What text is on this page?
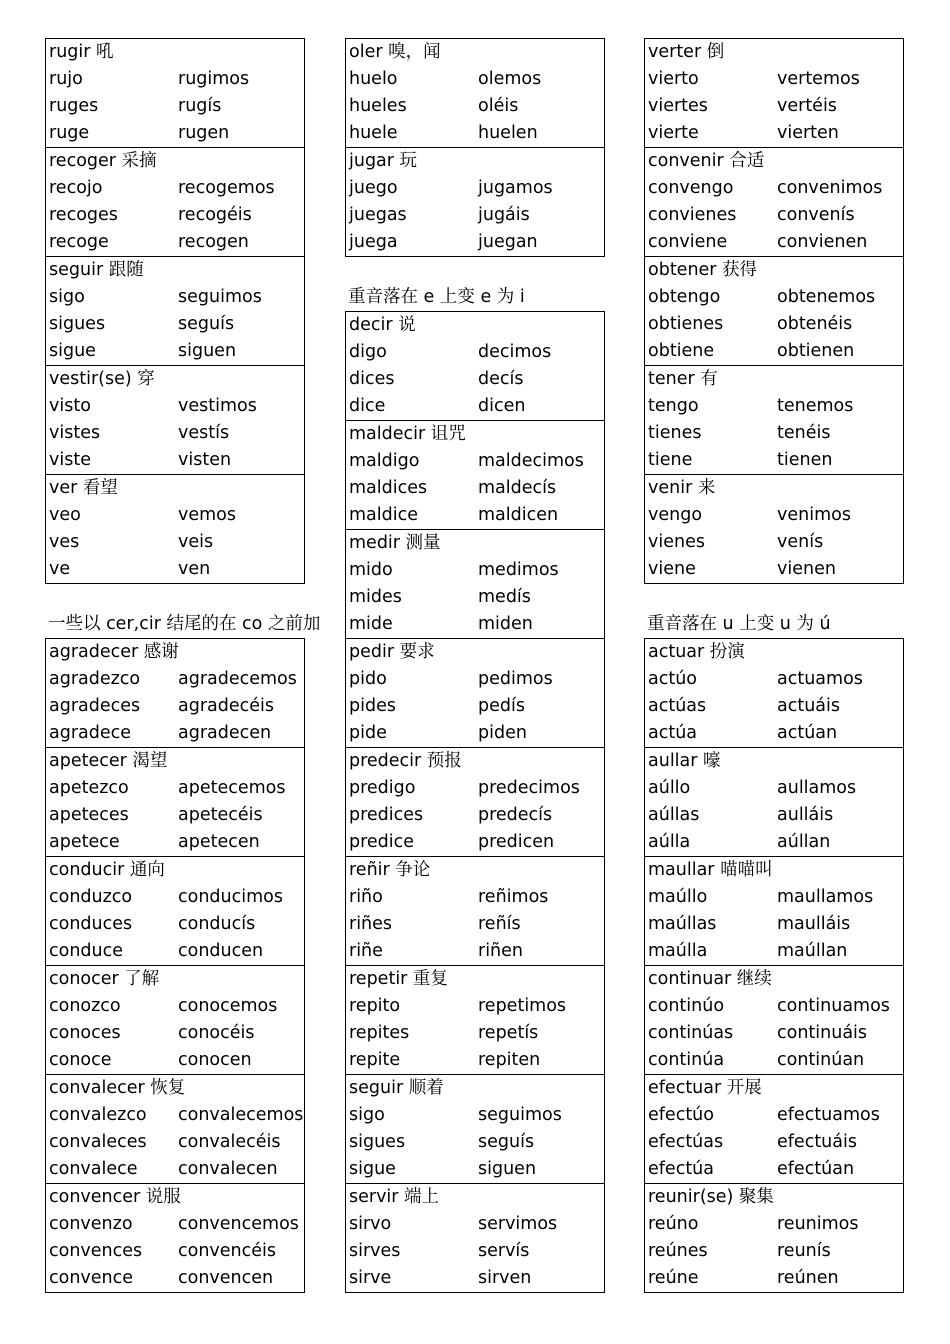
rugir 吼
rujo	rugimos
ruges	rugís
ruge	rugen
recoger 采摘
recojo	recogemos
recoges	recogéis
recoge	recogen
seguir 跟随
sigo	seguimos
sigues	seguís
sigue	siguen
vestir(se) 穿
visto	vestimos
vistes	vestís
viste	visten
ver 看望
veo	vemos
ves	veis
ve	ven
一些以 cer,cir 结尾的在 co 之前加
agradecer 感谢
agradezco agradecemos
agradeces agradecéis
agradece	agradecen
apetecer 渴望
apetezco	apetecemos
apeteces	apetecéis
apetece	apetecen
conducir 通向
conduzco	conducimos
conduces	conducís
conduce	conducen
conocer 了解
conozco	conocemos
conoces	conocéis
conoce	conocen
convalecer 恢复
convalezco convalecemos
convaleces convalecéis
convalece convalecen
convencer 说服
convenzo	convencemos
convences convencéis
convence	convencen
oler 嗅，闻
huelo	olemos
hueles	oléis
huele	huelen
jugar 玩
juego	jugamos
juegas	jugáis
juega	juegan
重音落在 e 上变 e 为 i
decir 说
digo	decimos
dices	decís
dice	dicen
maldecir 诅咒
maldigo	maldecimos
maldices	maldecís
maldice	maldicen
medir 测量
mido	medimos
mides	medís
mide	miden
pedir 要求
pido	pedimos
pides	pedís
pide	piden
predecir 预报
predigo	predecimos
predices	predecís
predice	predicen
reñir 争论
riño	reñimos
riñes	reñís
riñe	riñen
repetir 重复
repito	repetimos
repites	repetís
repite	repiten
seguir 顺着
sigo	seguimos
sigues	seguís
sigue	siguen
servir 端上
sirvo	servimos
sirves	servís
sirve	sirven
verter 倒
vierto	vertemos
viertes	vertéis
vierte	vierten
convenir 合适
convengo convenimos
convienes convenís
conviene	convienen
obtener 获得
obtengo	obtenemos
obtienes	obtenéis
obtiene	obtienen
tener 有
tengo	tenemos
tienes	tenéis
tiene	tienen
venir 来
vengo	venimos
vienes	venís
viene	vienen
重音落在 u 上变 u 为 ú
actuar 扮演
actúo	actuamos
actúas	actuáis
actúa	actúan
aullar 嚎
aúllo	aullamos
aúllas	aulláis
aúlla	aúllan
maullar 喵喵叫
maúllo	maullamos
maúllas	maulláis
maúlla	maúllan
continuar 继续
continúo	continuamos
continúas	continuáis
continúa	continúan
efectuar 开展
efectúo	efectuamos
efectúas	efectuáis
efectúa	efectúan
reunir(se) 聚集
reúno	reunimos
reúnes	reunís
reúne	reúnen
